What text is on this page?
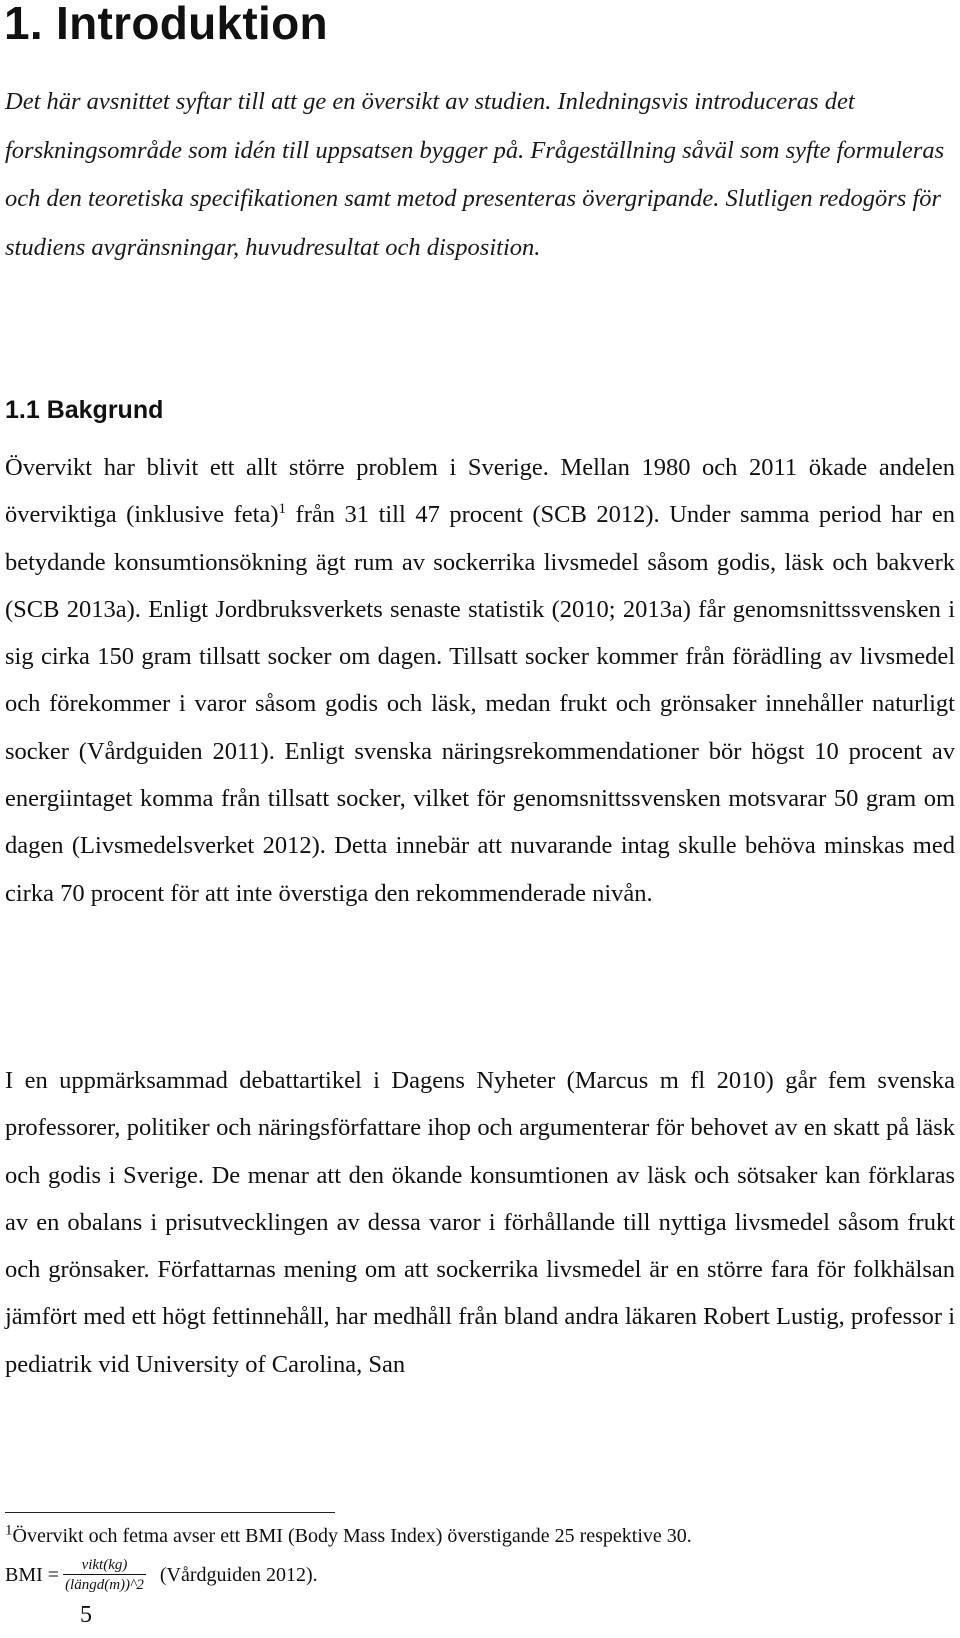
1. Introduktion

Det här avsnittet syftar till att ge en översikt av studien. Inledningsvis introduceras det forskningsområde som idén till uppsatsen bygger på. Frågeställning såväl som syfte formuleras och den teoretiska specifikationen samt metod presenteras övergripande. Slutligen redogörs för studiens avgränsningar, huvudresultat och disposition.

1.1 Bakgrund

Övervikt har blivit ett allt större problem i Sverige. Mellan 1980 och 2011 ökade andelen överviktiga (inklusive feta)$^1$ från 31 till 47 procent (SCB 2012). Under samma period har en betydande konsumtionsökning ägt rum av sockerrika livsmedel såsom godis, läsk och bakverk (SCB 2013a). Enligt Jordbruksverkets senaste statistik (2010; 2013a) får genomsnittssvensken i sig cirka 150 gram tillsatt socker om dagen. Tillsatt socker kommer från förädling av livsmedel och förekommer i varor såsom godis och läsk, medan frukt och grönsaker innehåller naturligt socker (Vårdguiden 2011). Enligt svenska näringsrekommendationer bör högst 10 procent av energiintaget komma från tillsatt socker, vilket för genomsnittssvensken motsvarar 50 gram om dagen (Livsmedelsverket 2012). Detta innebär att nuvarande intag skulle behöva minskas med cirka 70 procent för att inte överstiga den rekommenderade nivån.

I en uppmärksammad debattartikel i Dagens Nyheter (Marcus m fl 2010) går fem svenska professorer, politiker och näringsförfattare ihop och argumenterar för behovet av en skatt på läsk och godis i Sverige. De menar att den ökande konsumtionen av läsk och sötsaker kan förklaras av en obalans i prisutvecklingen av dessa varor i förhållande till nyttiga livsmedel såsom frukt och grönsaker. Författarnas mening om att sockerrika livsmedel är en större fara för folkhälsan jämfört med ett högt fettinnehåll, har medhåll från bland andra läkaren Robert Lustig, professor i pediatrik vid University of Carolina, San

$^1$Övervikt och fetma avser ett BMI (Body Mass Index) överstigande 25 respektive 30.

BMI = $\frac{\text{vikt(kg)}}{\text{(längd(m))\textasciicircum{}2}}$ (Vårdguiden 2012).

5
